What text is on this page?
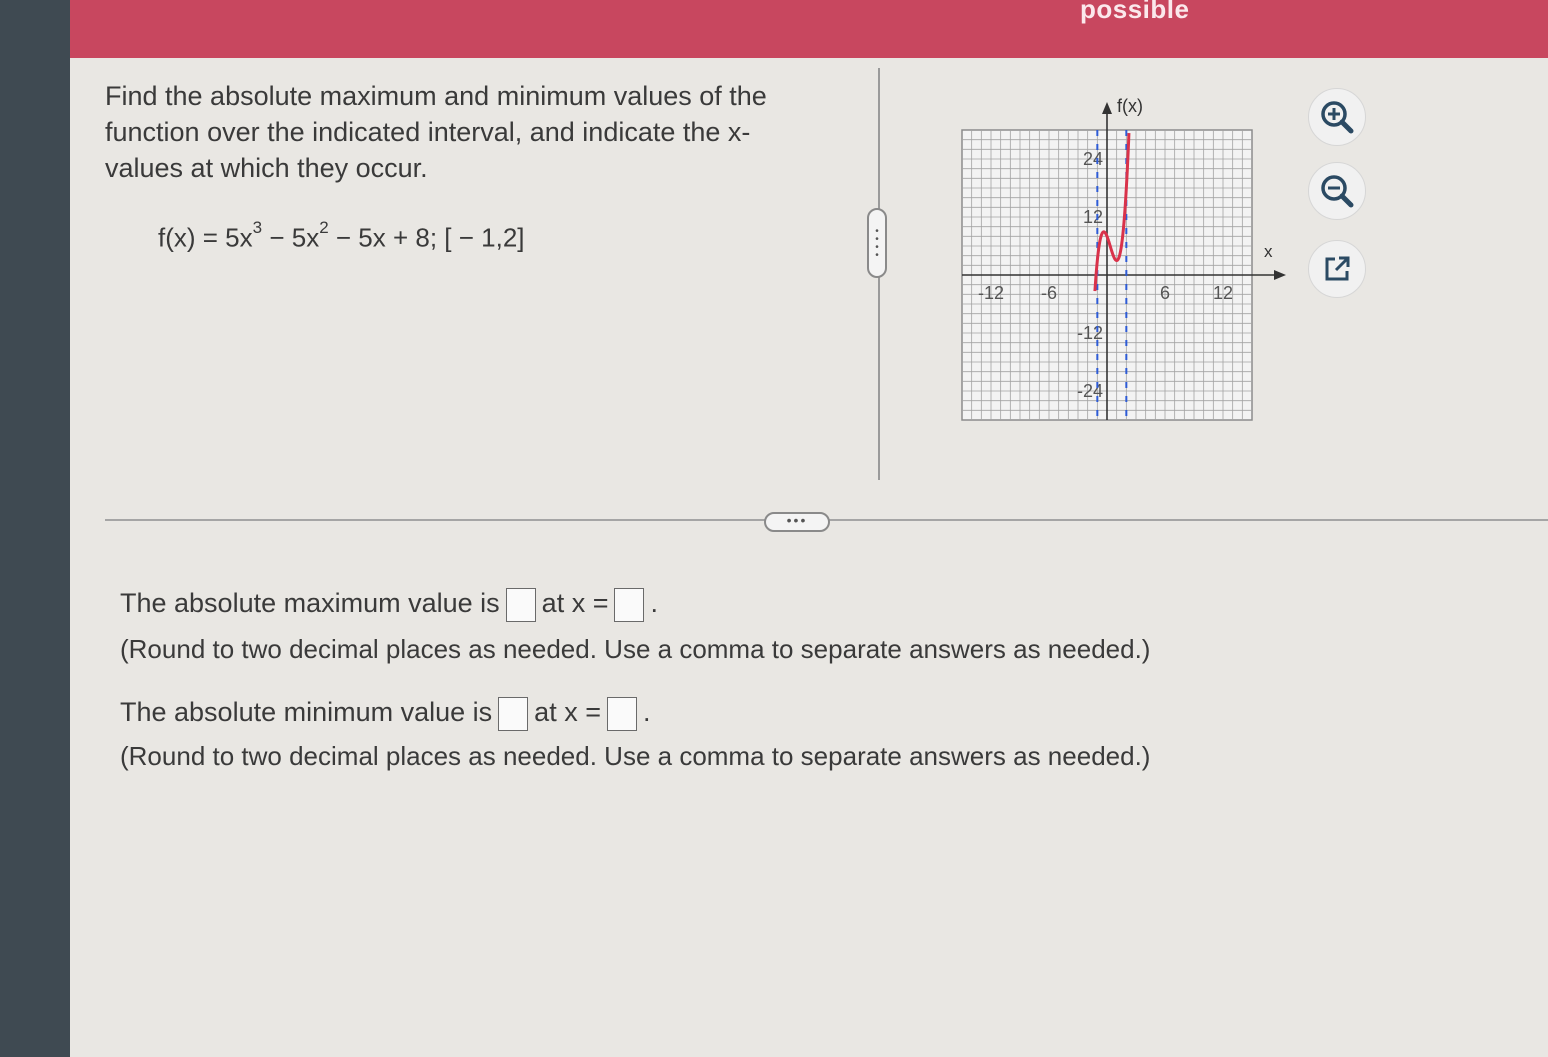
possible
Find the absolute maximum and minimum values of the function over the indicated interval, and indicate the x-values at which they occur.
$f(x) = 5x^3 - 5x^2 - 5x + 8$; [ − 1,2]	•
•
•
•
f(x)
x
-12 -6	6 12
24
12
-12
-24
•••
The absolute maximum value is at x = .
(Round to two decimal places as needed. Use a comma to separate answers as needed.)
The absolute minimum value is at x = .
(Round to two decimal places as needed. Use a comma to separate answers as needed.)
